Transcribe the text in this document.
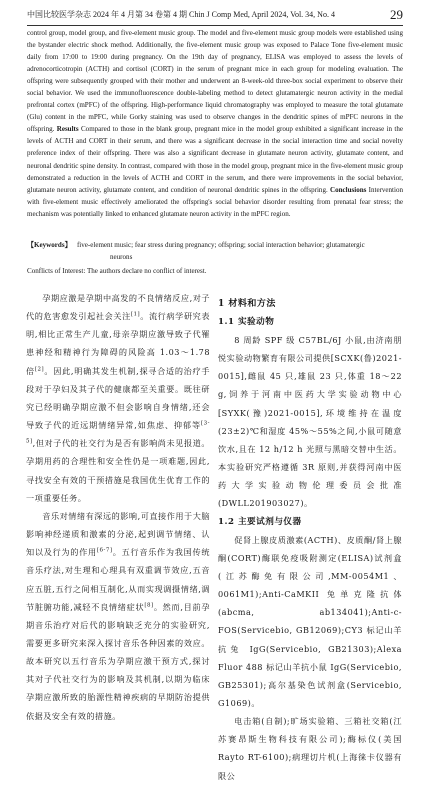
中国比较医学杂志 2024 年 4 月第 34 卷第 4 期 Chin J Comp Med, April 2024, Vol. 34, No. 4	29

control group, model group, and five-element music group. The model and five-element music group models were established using the bystander electric shock method. Additionally, the five-element music group was exposed to Palace Tone five-element music daily from 17:00 to 19:00 during pregnancy. On the 19th day of pregnancy, ELISA was employed to assess the levels of adrenocorticotropin (ACTH) and cortisol (CORT) in the serum of pregnant mice in each group for modeling evaluation. The offspring were subsequently grouped with their mother and underwent an 8-week-old three-box social experiment to observe their social behavior. We used the immunofluorescence double-labeling method to detect glutamatergic neuron activity in the medial prefrontal cortex (mPFC) of the offspring. High-performance liquid chromatography was employed to measure the total glutamate (Glu) content in the mPFC, while Gorky staining was used to observe changes in the dendritic spines of mPFC neurons in the offspring. Results Compared to those in the blank group, pregnant mice in the model group exhibited a significant increase in the levels of ACTH and CORT in their serum, and there was a significant decrease in the social interaction time and social novelty preference index of their offspring. There was also a significant decrease in glutamate neuron activity, glutamate content, and neuronal dendritic spine density. In contrast, compared with those in the model group, pregnant mice in the five-element music group demonstrated a reduction in the levels of ACTH and CORT in the serum, and there were improvements in the social behavior, glutamate neuron activity, glutamate content, and condition of neuronal dendritic spines in the offspring. Conclusions Intervention with five-element music effectively ameliorated the offspring's social behavior disorder resulting from prenatal fear stress; the mechanism was potentially linked to enhanced glutamate neuron activity in the mPFC region.

【Keywords】 five-element music; fear stress during pregnancy; offspring; social interaction behavior; glutamatergic
neurons
Conflicts of Interest: The authors declare no conflict of interest.

孕期应激是孕期中高发的不良情绪反应,对子代的危害愈发引起社会关注[1]。流行病学研究表明,相比正常生产儿童,母亲孕期应激导致子代罹患神经和精神行为障碍的风险高 1.03～1.78 倍[2]。因此,明确其发生机制,探寻合适的治疗手段对于孕妇及其子代的健康都至关重要。既往研究已经明确孕期应激不但会影响自身情绪,还会导致子代的近远期情绪异常,如焦虑、抑郁等[3-5],但对子代的社交行为是否有影响尚未见报道。孕期用药的合理性和安全性仍是一项难题,因此,寻找安全有效的干预措施是我国优生优育工作的一项重要任务。

音乐对情绪有深远的影响,可直接作用于大脑影响神经递质和激素的分泌,起到调节情绪、认知以及行为的作用[6-7]。五行音乐作为我国传统音乐疗法,对生理和心理具有双重调节效应,五音应五脏,五行之间相互制化,从而实现调摄情绪,调节脏腑功能,减轻不良情绪症状[8]。然而,目前孕期音乐治疗对后代的影响缺乏充分的实验研究,需要更多研究来深入探讨音乐各种因素的效应。故本研究以五行音乐为孕期应激干预方式,探讨其对子代社交行为的影响及其机制,以期为临床孕期应激所致的胎源性精神疾病的早期防治提供依据及安全有效的措施。

1 材料和方法

1.1 实验动物

8 周龄 SPF 级 C57BL/6J 小鼠,由济南朋悦实验动物繁育有限公司提供[SCXK(鲁)2021-0015],雌鼠 45 只,雄鼠 23 只,体重 18～22 g,饲养于河南中医药大学实验动物中心[SYXK(豫)2021-0015],环境维持在温度(23±2)℃和湿度 45%～55%之间,小鼠可随意饮水,且在 12 h/12 h 光照与黑暗交替中生活。本实验研究严格遵循 3R 原则,并获得河南中医药大学实验动物伦理委员会批准(DWLL201903027)。

1.2 主要试剂与仪器

促肾上腺皮质激素(ACTH)、皮质酮/肾上腺酮(CORT)酶联免疫吸附测定(ELISA)试剂盒(江苏酶免有限公司,MM-0054M1、0061M1);Anti-CaMKII 兔单克隆抗体(abcma, ab134041);Anti-c-FOS(Servicebio, GB12069);CY3 标记山羊抗兔 IgG(Servicebio, GB21303);Alexa Fluor 488 标记山羊抗小鼠 IgG(Servicebio, GB25301);高尔基染色试剂盒(Servicebio, G1069)。

电击箱(自制);旷场实验箱、三箱社交箱(江苏赛昂斯生物科技有限公司);酶标仪(美国 Rayto RT-6100);病理切片机(上海徕卡仪器有限公
